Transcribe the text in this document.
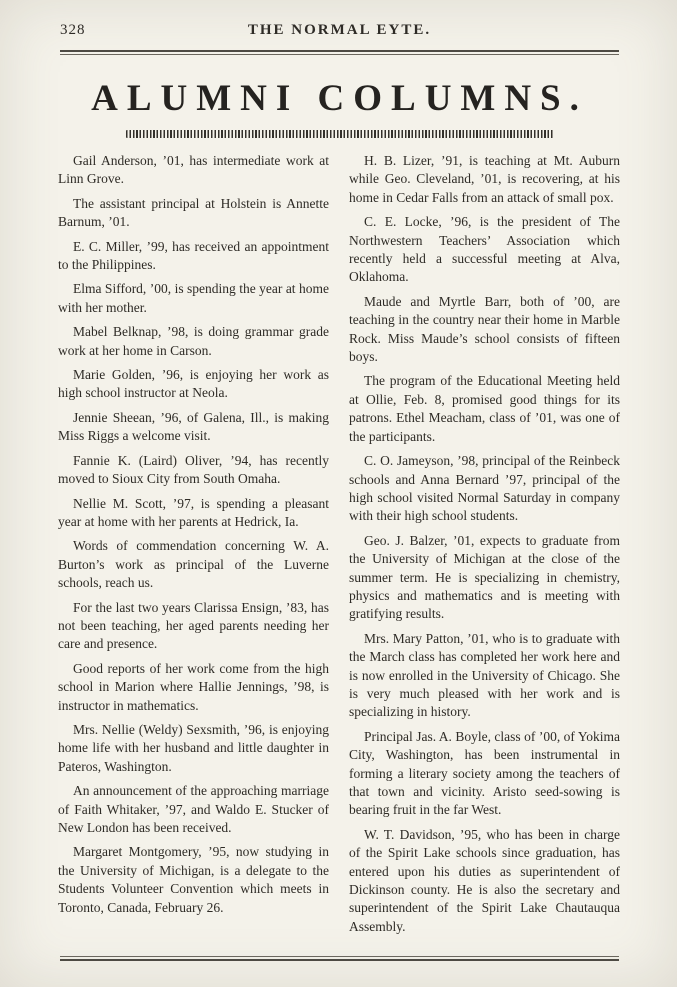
328	THE NORMAL EYTE.
ALUMNI COLUMNS.

Gail Anderson, ’01, has intermediate work at Linn Grove.

The assistant principal at Holstein is Annette Barnum, ’01.

E. C. Miller, ’99, has received an appointment to the Philippines.

Elma Sifford, ’00, is spending the year at home with her mother.

Mabel Belknap, ’98, is doing grammar grade work at her home in Carson.

Marie Golden, ’96, is enjoying her work as high school instructor at Neola.

Jennie Sheean, ’96, of Galena, Ill., is making Miss Riggs a welcome visit.

Fannie K. (Laird) Oliver, ’94, has recently moved to Sioux City from South Omaha.

Nellie M. Scott, ’97, is spending a pleasant year at home with her parents at Hedrick, Ia.

Words of commendation concerning W. A. Burton’s work as principal of the Luverne schools, reach us.

For the last two years Clarissa Ensign, ’83, has not been teaching, her aged parents needing her care and presence.

Good reports of her work come from the high school in Marion where Hallie Jennings, ’98, is instructor in mathematics.

Mrs. Nellie (Weldy) Sexsmith, ’96, is enjoying home life with her husband and little daughter in Pateros, Washington.

An announcement of the approaching marriage of Faith Whitaker, ’97, and Waldo E. Stucker of New London has been received.

Margaret Montgomery, ’95, now studying in the University of Michigan, is a delegate to the Students Volunteer Convention which meets in Toronto, Canada, February 26.

H. B. Lizer, ’91, is teaching at Mt. Auburn while Geo. Cleveland, ’01, is recovering, at his home in Cedar Falls from an attack of small pox.

C. E. Locke, ’96, is the president of The Northwestern Teachers’ Association which recently held a successful meeting at Alva, Oklahoma.

Maude and Myrtle Barr, both of ’00, are teaching in the country near their home in Marble Rock. Miss Maude’s school consists of fifteen boys.

The program of the Educational Meeting held at Ollie, Feb. 8, promised good things for its patrons. Ethel Meacham, class of ’01, was one of the participants.

C. O. Jameyson, ’98, principal of the Reinbeck schools and Anna Bernard ’97, principal of the high school visited Normal Saturday in company with their high school students.

Geo. J. Balzer, ’01, expects to graduate from the University of Michigan at the close of the summer term. He is specializing in chemistry, physics and mathematics and is meeting with gratifying results.

Mrs. Mary Patton, ’01, who is to graduate with the March class has completed her work here and is now enrolled in the University of Chicago. She is very much pleased with her work and is specializing in history.

Principal Jas. A. Boyle, class of ’00, of Yokima City, Washington, has been instrumental in forming a literary society among the teachers of that town and vicinity. Aristo seed-sowing is bearing fruit in the far West.

W. T. Davidson, ’95, who has been in charge of the Spirit Lake schools since graduation, has entered upon his duties as superintendent of Dickinson county. He is also the secretary and superintendent of the Spirit Lake Chautauqua Assembly.
